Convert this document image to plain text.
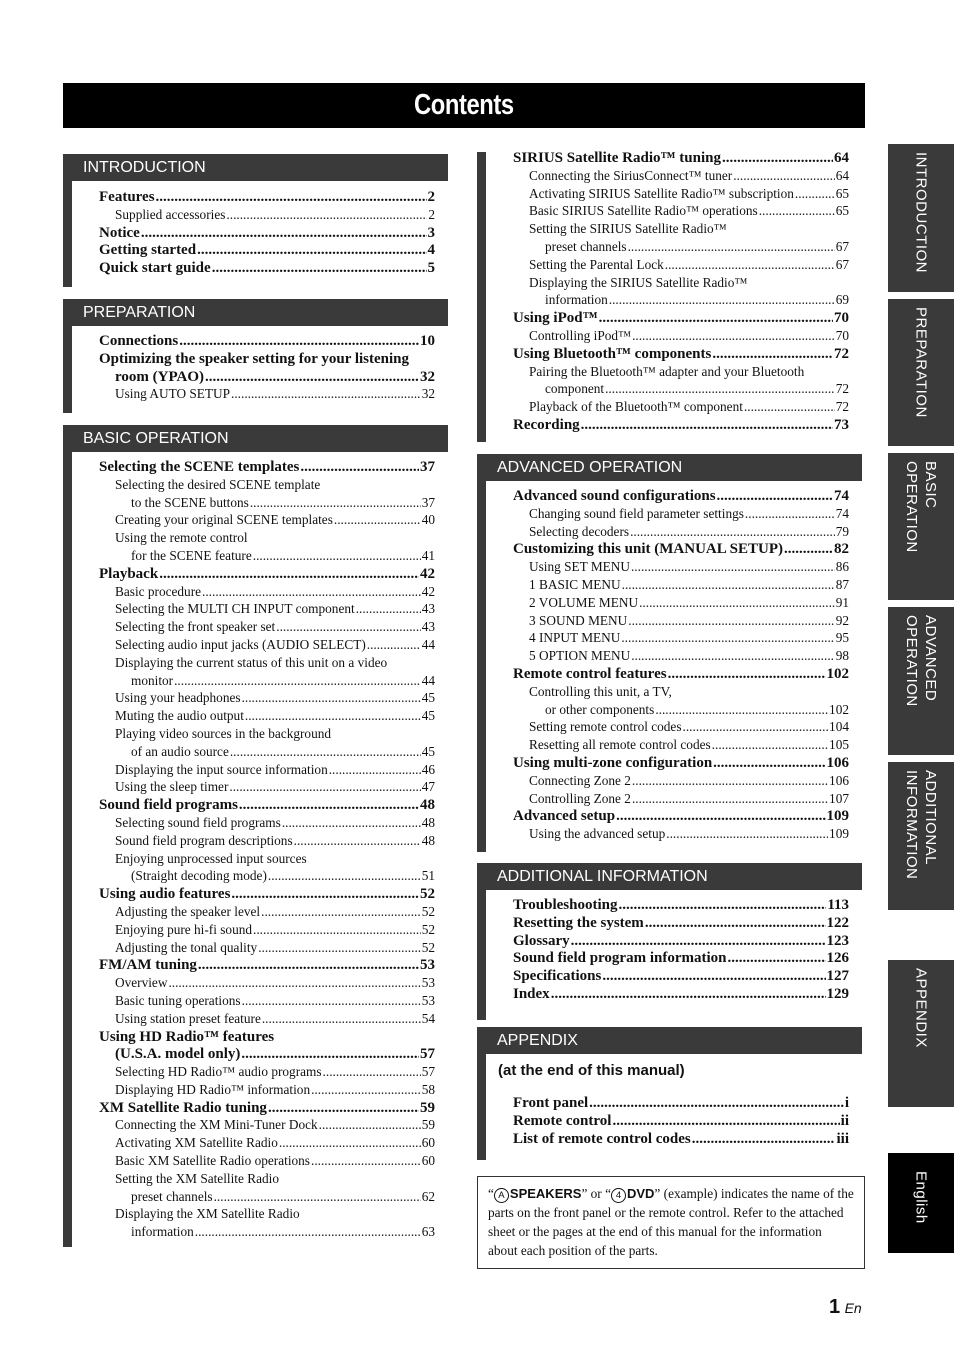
Contents
INTRODUCTION
Features .....	2
Supplied accessories .....	2
Notice .....	3
Getting started .....	4
Quick start guide .....	5
PREPARATION
Connections .....	10
Optimizing the speaker setting for your listening
room (YPAO) .....	32
Using AUTO SETUP .....	32
BASIC OPERATION
Selecting the SCENE templates .....	37
Selecting the desired SCENE template
to the SCENE buttons .....	37
Creating your original SCENE templates .....	40
Using the remote control
for the SCENE feature .....	41
Playback .....	42
Basic procedure .....	42
Selecting the MULTI CH INPUT component .....	43
Selecting the front speaker set .....	43
Selecting audio input jacks (AUDIO SELECT) .....	44
Displaying the current status of this unit on a video
monitor .....	44
Using your headphones .....	45
Muting the audio output .....	45
Playing video sources in the background
of an audio source .....	45
Displaying the input source information .....	46
Using the sleep timer .....	47
Sound field programs .....	48
Selecting sound field programs .....	48
Sound field program descriptions .....	48
Enjoying unprocessed input sources
(Straight decoding mode) .....	51
Using audio features .....	52
Adjusting the speaker level .....	52
Enjoying pure hi-fi sound .....	52
Adjusting the tonal quality .....	52
FM/AM tuning .....	53
Overview .....	53
Basic tuning operations .....	53
Using station preset feature .....	54
Using HD Radio™ features
(U.S.A. model only) .....	57
Selecting HD Radio™ audio programs .....	57
Displaying HD Radio™ information .....	58
XM Satellite Radio tuning .....	59
Connecting the XM Mini-Tuner Dock .....	59
Activating XM Satellite Radio .....	60
Basic XM Satellite Radio operations .....	60
Setting the XM Satellite Radio
preset channels .....	62
Displaying the XM Satellite Radio
information .....	63
SIRIUS Satellite Radio™ tuning .....	64
Connecting the SiriusConnect™ tuner .....	64
Activating SIRIUS Satellite Radio™ subscription .....	65
Basic SIRIUS Satellite Radio™ operations .....	65
Setting the SIRIUS Satellite Radio™
preset channels .....	67
Setting the Parental Lock .....	67
Displaying the SIRIUS Satellite Radio™
information .....	69
Using iPod™ .....	70
Controlling iPod™ .....	70
Using Bluetooth™ components .....	72
Pairing the Bluetooth™ adapter and your Bluetooth
component .....	72
Playback of the Bluetooth™ component .....	72
Recording .....	73
ADVANCED OPERATION
Advanced sound configurations .....	74
Changing sound field parameter settings .....	74
Selecting decoders .....	79
Customizing this unit (MANUAL SETUP) .....	82
Using SET MENU .....	86
1 BASIC MENU .....	87
2 VOLUME MENU .....	91
3 SOUND MENU .....	92
4 INPUT MENU .....	95
5 OPTION MENU .....	98
Remote control features .....	102
Controlling this unit, a TV,
or other components .....	102
Setting remote control codes .....	104
Resetting all remote control codes .....	105
Using multi-zone configuration .....	106
Connecting Zone 2 .....	106
Controlling Zone 2 .....	107
Advanced setup .....	109
Using the advanced setup .....	109
ADDITIONAL INFORMATION
Troubleshooting .....	113
Resetting the system .....	122
Glossary .....	123
Sound field program information .....	126
Specifications .....	127
Index .....	129
APPENDIX
(at the end of this manual)
Front panel .....	i
Remote control .....	ii
List of remote control codes .....	iii
“ A SPEAKERS” or “ 4 DVD” (example) indicates the name of the parts on the front panel or the remote control. Refer to the attached sheet or the pages at the end of this manual for the information about each position of the parts.
INTRODUCTION
PREPARATION
BASIC
OPERATION
ADVANCED
OPERATION
ADDITIONAL
INFORMATION
APPENDIX
English
1 En
